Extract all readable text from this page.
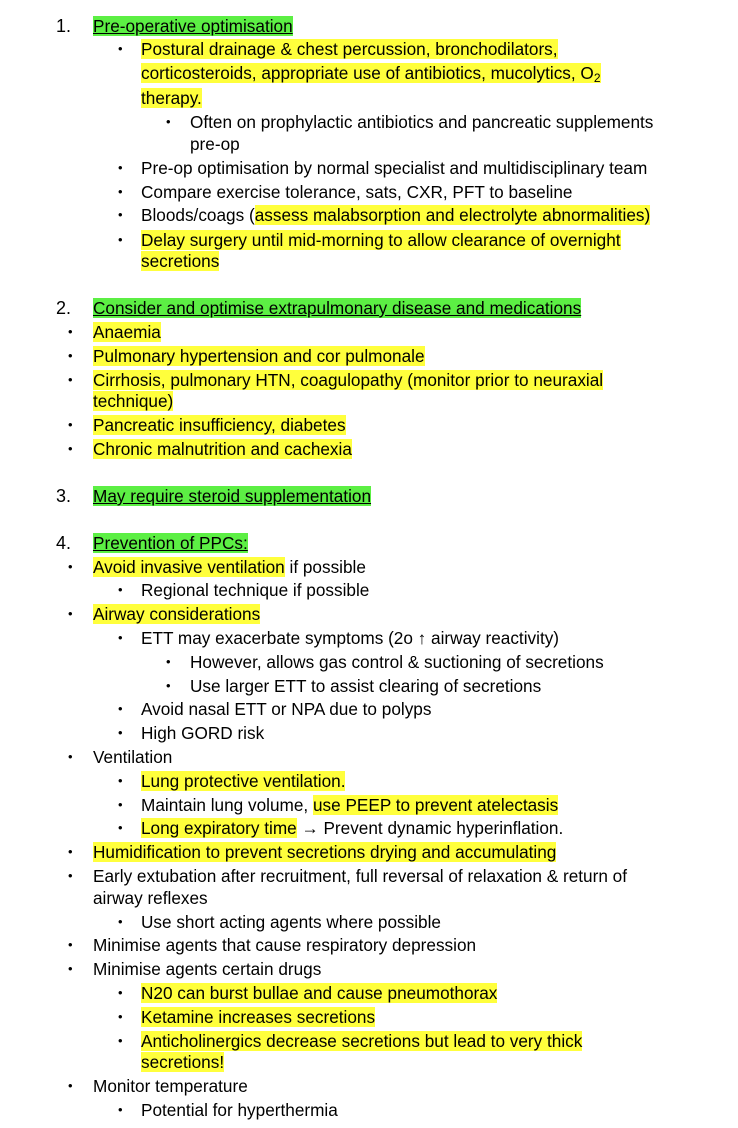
1. Pre-operative optimisation
• Postural drainage & chest percussion, bronchodilators,
corticosteroids, appropriate use of antibiotics, mucolytics, $O_2$
therapy.
• Often on prophylactic antibiotics and pancreatic supplements
pre-op
• Pre-op optimisation by normal specialist and multidisciplinary team
• Compare exercise tolerance, sats, CXR, PFT to baseline
• Bloods/coags (assess malabsorption and electrolyte abnormalities)
• Delay surgery until mid-morning to allow clearance of overnight
secretions
2. Consider and optimise extrapulmonary disease and medications
• Anaemia
• Pulmonary hypertension and cor pulmonale
• Cirrhosis, pulmonary HTN, coagulopathy (monitor prior to neuraxial
technique)
• Pancreatic insufficiency, diabetes
• Chronic malnutrition and cachexia
3. May require steroid supplementation
4. Prevention of PPCs:
• Avoid invasive ventilation if possible
• Regional technique if possible
• Airway considerations
• ETT may exacerbate symptoms (2o ↑ airway reactivity)
• However, allows gas control & suctioning of secretions
• Use larger ETT to assist clearing of secretions
• Avoid nasal ETT or NPA due to polyps
• High GORD risk
• Ventilation
• Lung protective ventilation.
• Maintain lung volume, use PEEP to prevent atelectasis
• Long expiratory time → Prevent dynamic hyperinflation.
• Humidification to prevent secretions drying and accumulating
• Early extubation after recruitment, full reversal of relaxation & return of
airway reflexes
• Use short acting agents where possible
• Minimise agents that cause respiratory depression
• Minimise agents certain drugs
• N20 can burst bullae and cause pneumothorax
• Ketamine increases secretions
• Anticholinergics decrease secretions but lead to very thick
secretions!
• Monitor temperature
• Potential for hyperthermia
